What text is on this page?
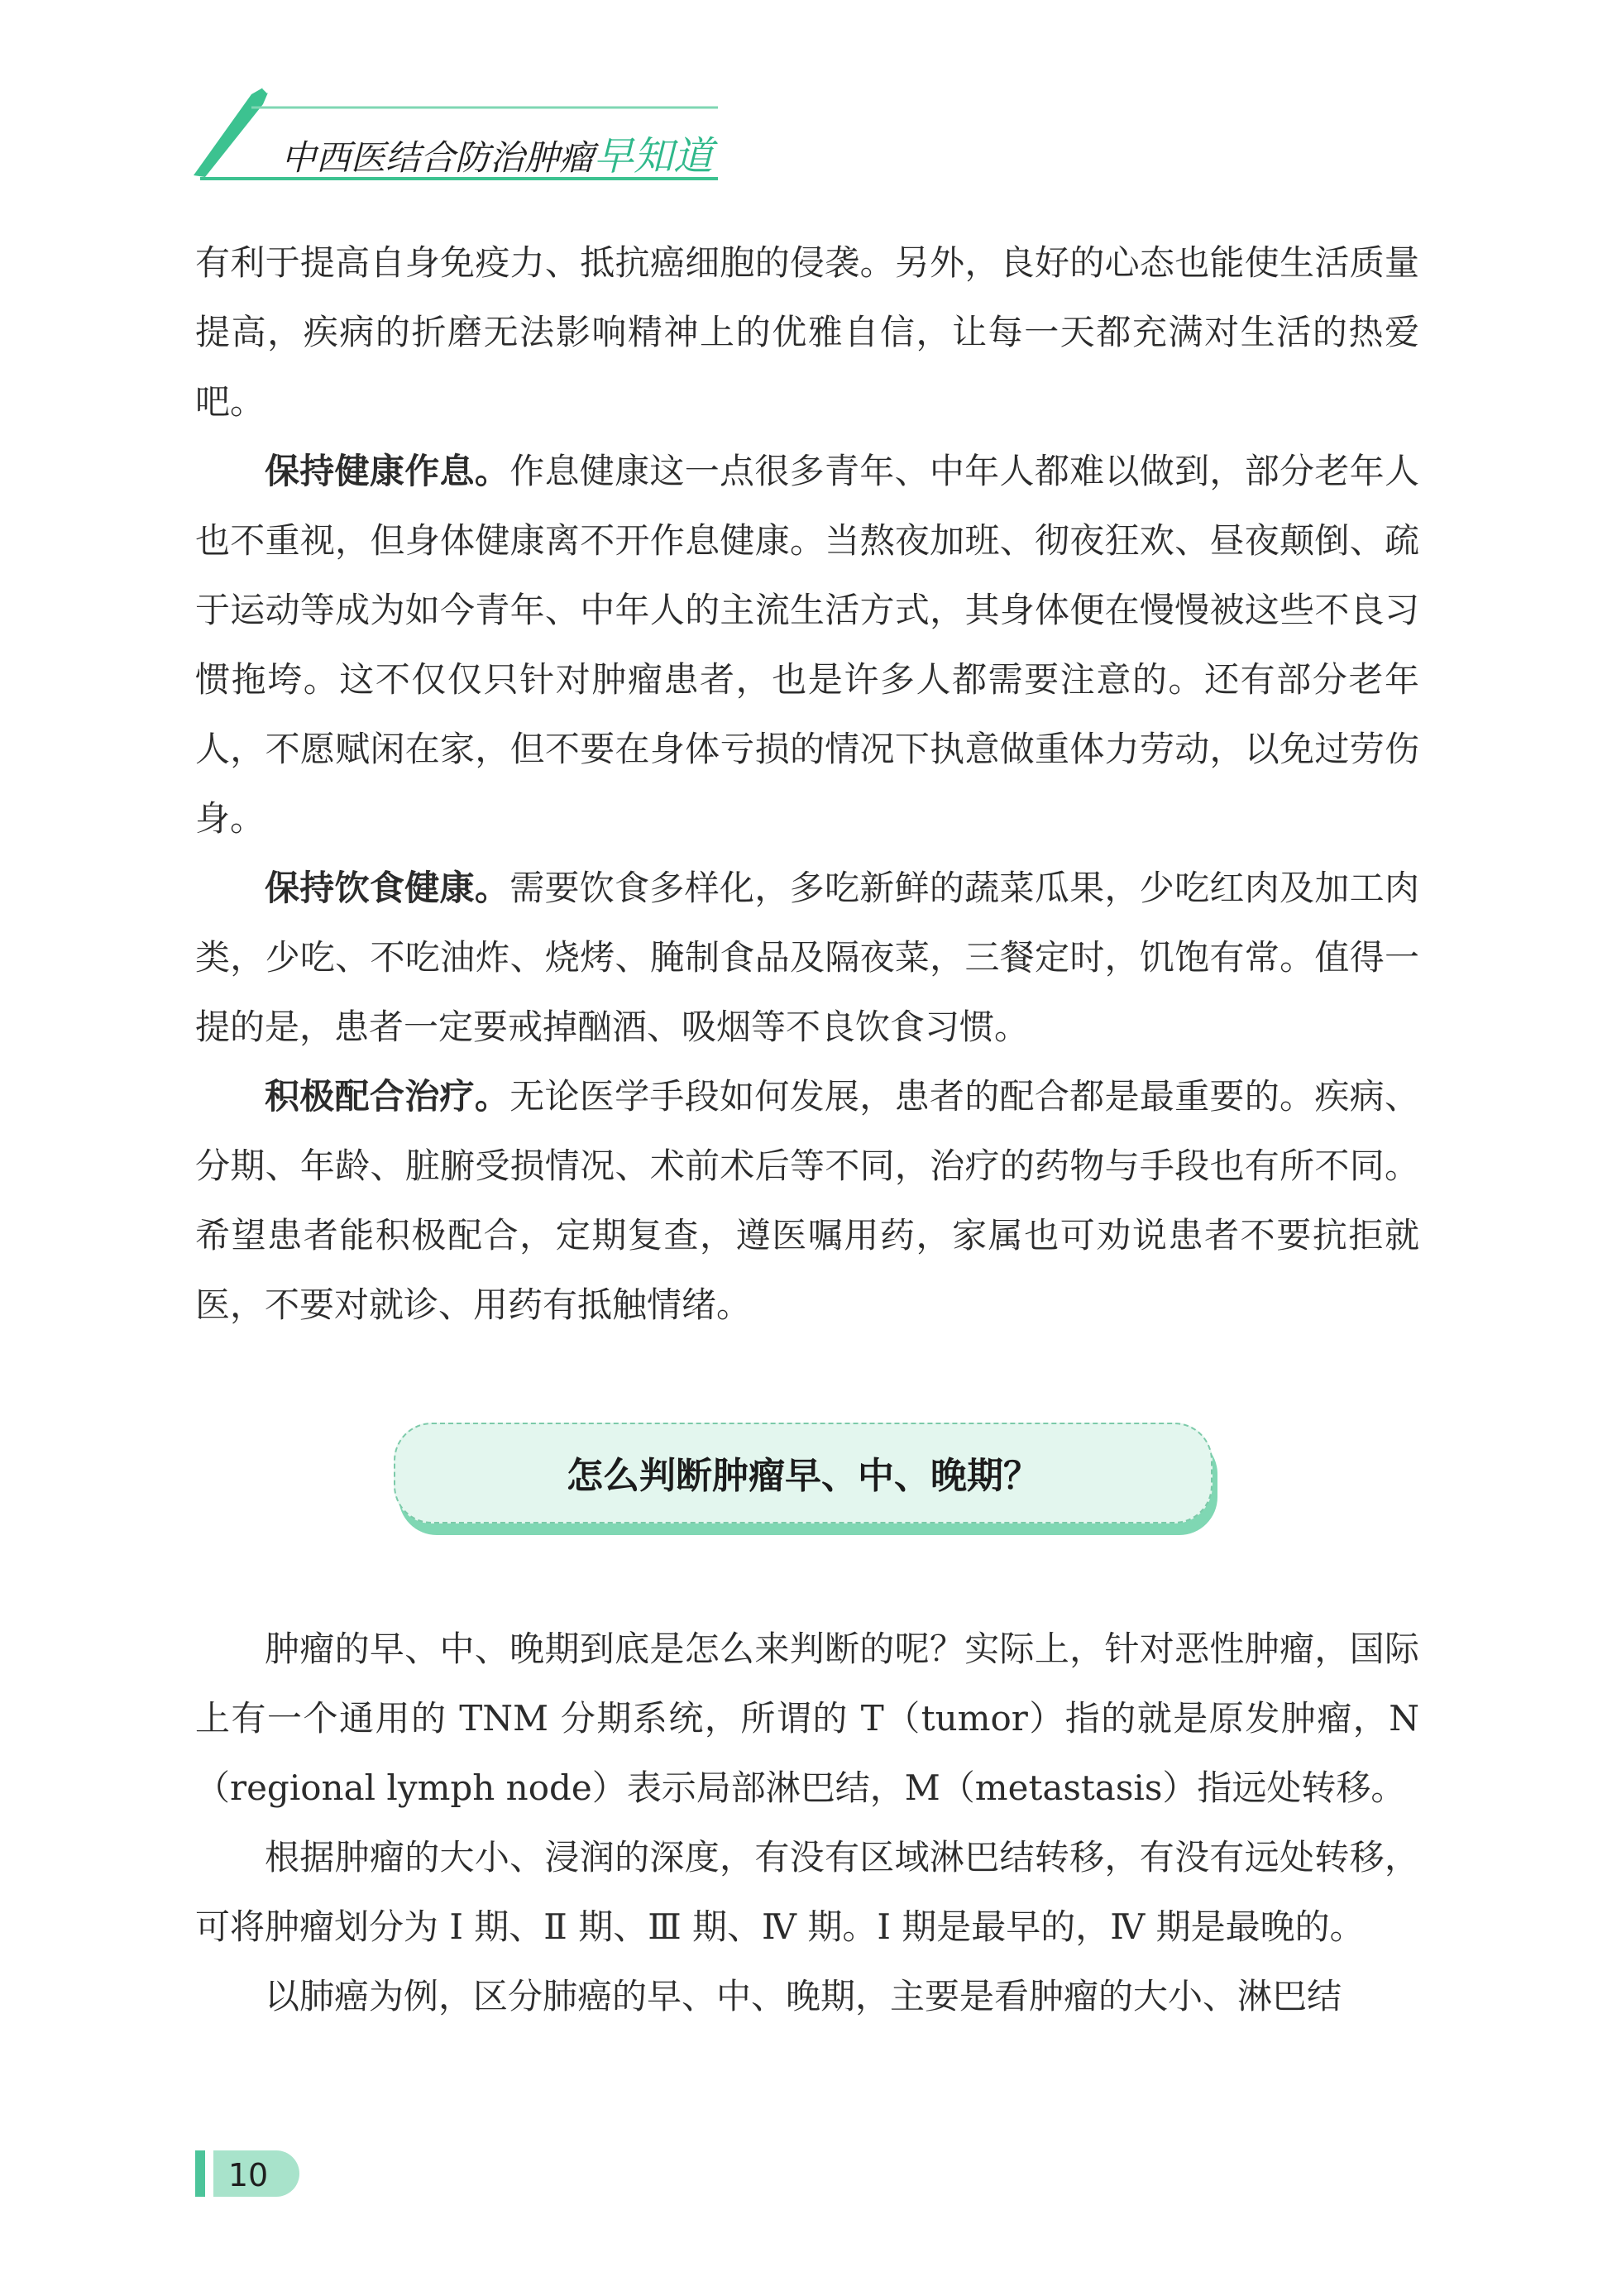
中西医结合防治肿瘤早知道

有利于提高自身免疫力、抵抗癌细胞的侵袭。另外，良好的心态也能使生活质量提高，疾病的折磨无法影响精神上的优雅自信，让每一天都充满对生活的热爱吧。

保持健康作息。作息健康这一点很多青年、中年人都难以做到，部分老年人也不重视，但身体健康离不开作息健康。当熬夜加班、彻夜狂欢、昼夜颠倒、疏于运动等成为如今青年、中年人的主流生活方式，其身体便在慢慢被这些不良习惯拖垮。这不仅仅只针对肿瘤患者，也是许多人都需要注意的。还有部分老年人，不愿赋闲在家，但不要在身体亏损的情况下执意做重体力劳动，以免过劳伤身。

保持饮食健康。需要饮食多样化，多吃新鲜的蔬菜瓜果，少吃红肉及加工肉类，少吃、不吃油炸、烧烤、腌制食品及隔夜菜，三餐定时，饥饱有常。值得一提的是，患者一定要戒掉酗酒、吸烟等不良饮食习惯。

积极配合治疗。无论医学手段如何发展，患者的配合都是最重要的。疾病、分期、年龄、脏腑受损情况、术前术后等不同，治疗的药物与手段也有所不同。希望患者能积极配合，定期复查，遵医嘱用药，家属也可劝说患者不要抗拒就医，不要对就诊、用药有抵触情绪。

怎么判断肿瘤早、中、晚期？

肿瘤的早、中、晚期到底是怎么来判断的呢？实际上，针对恶性肿瘤，国际上有一个通用的 TNM 分期系统，所谓的 T（tumor）指的就是原发肿瘤，N（regional lymph node）表示局部淋巴结，M（metastasis）指远处转移。

根据肿瘤的大小、浸润的深度，有没有区域淋巴结转移，有没有远处转移，可将肿瘤划分为 Ⅰ 期、Ⅱ 期、Ⅲ 期、Ⅳ 期。Ⅰ 期是最早的，Ⅳ 期是最晚的。

以肺癌为例，区分肺癌的早、中、晚期，主要是看肿瘤的大小、淋巴结

10
